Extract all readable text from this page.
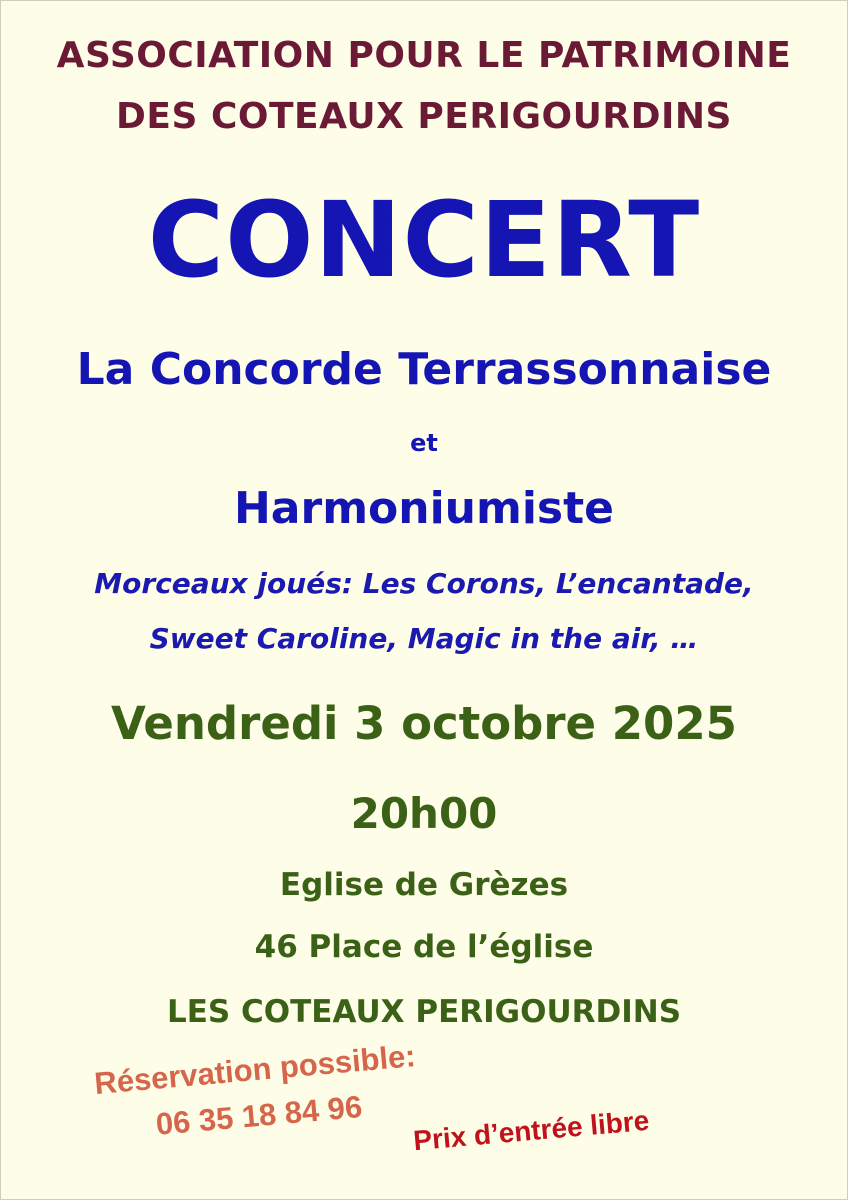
ASSOCIATION POUR LE PATRIMOINE
DES COTEAUX PERIGOURDINS
CONCERT
La Concorde Terrassonnaise
et
Harmoniumiste
Morceaux joués: Les Corons, L’encantade,
Sweet Caroline, Magic in the air, …
Vendredi 3 octobre 2025
20h00
Eglise de Grèzes
46 Place de l’église
LES COTEAUX PERIGOURDINS
Réservation possible:
06 35 18 84 96	Prix d’entrée libre
